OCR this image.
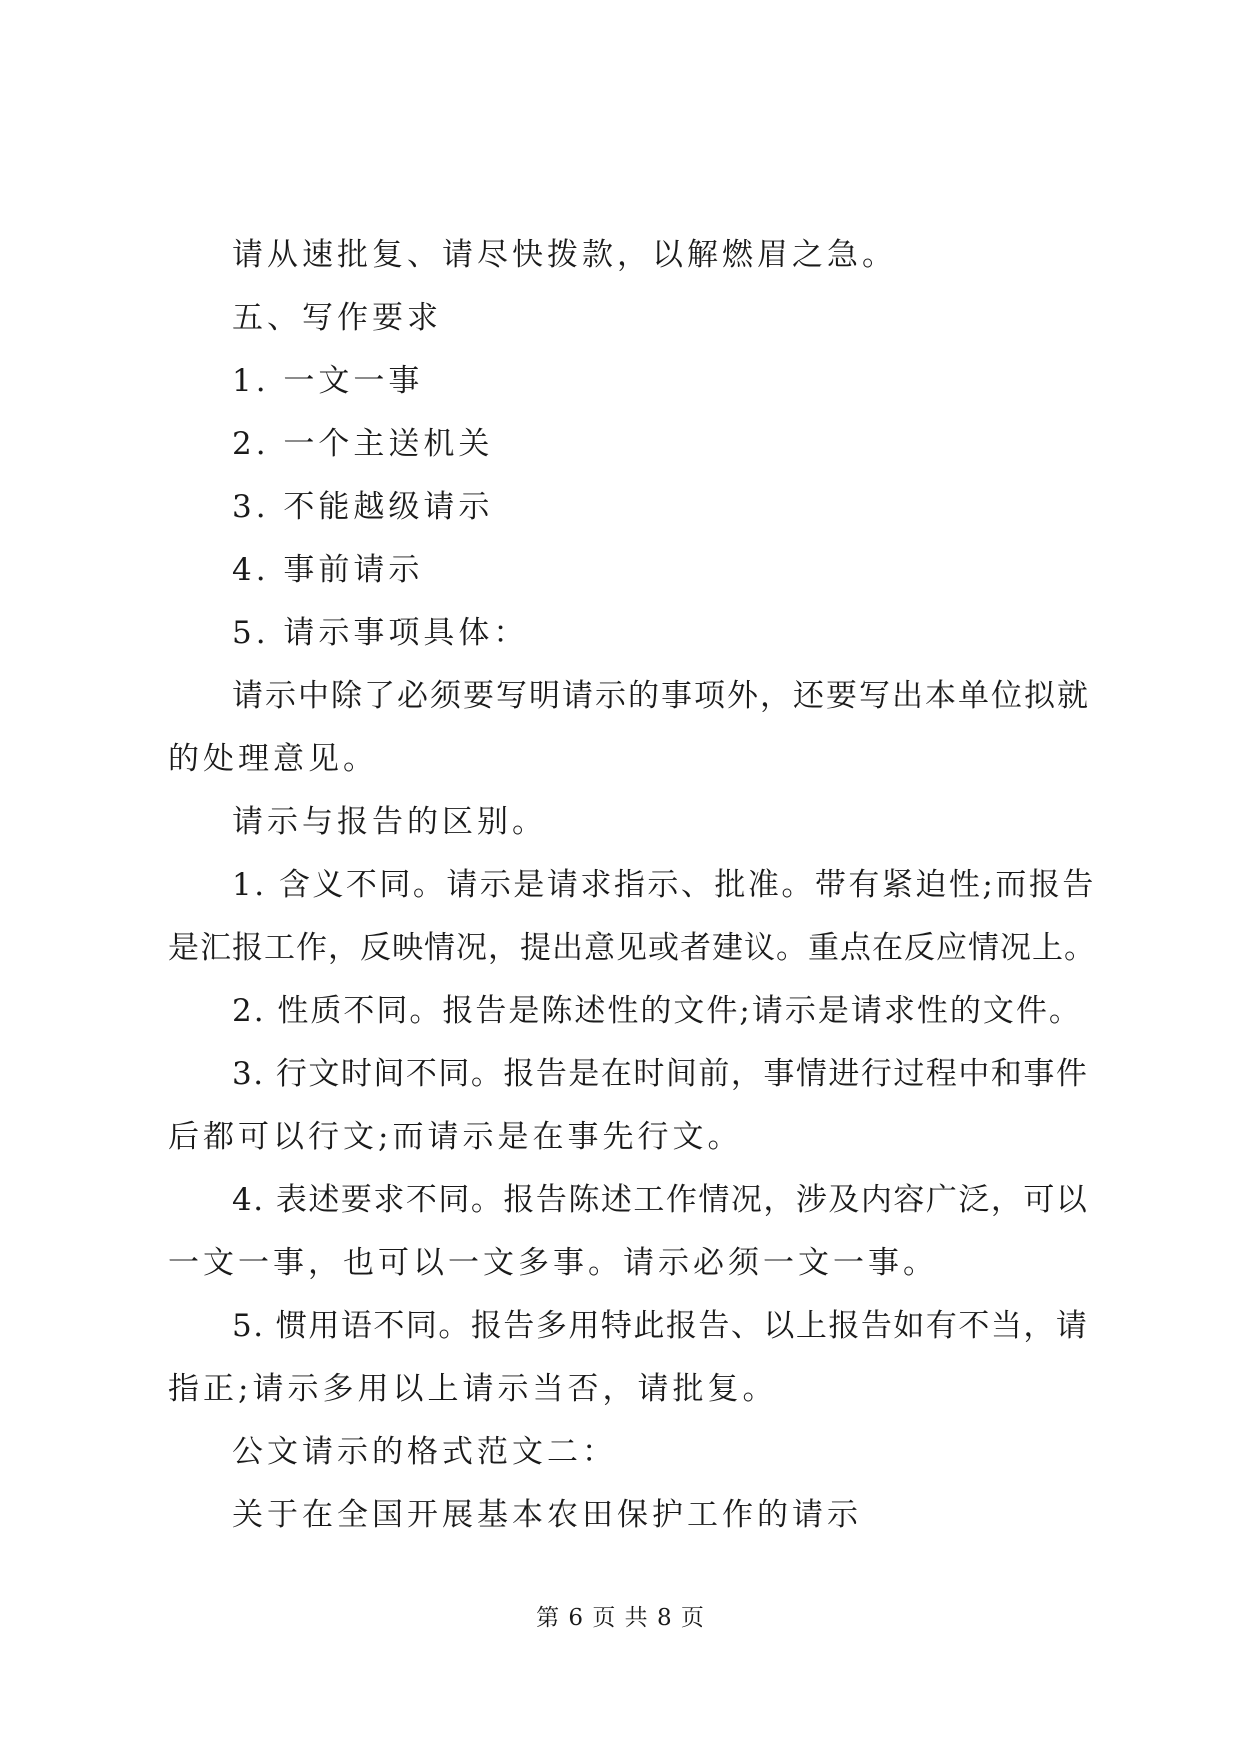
请从速批复、请尽快拨款，以解燃眉之急。
五、写作要求
1. 一文一事
2. 一个主送机关
3. 不能越级请示
4. 事前请示
5. 请示事项具体：
请示中除了必须要写明请示的事项外，还要写出本单位拟就
的处理意见。
请示与报告的区别。
1. 含义不同。请示是请求指示、批准。带有紧迫性;而报告
是汇报工作，反映情况，提出意见或者建议。重点在反应情况上。
2. 性质不同。报告是陈述性的文件;请示是请求性的文件。
3. 行文时间不同。报告是在时间前，事情进行过程中和事件
后都可以行文;而请示是在事先行文。
4. 表述要求不同。报告陈述工作情况，涉及内容广泛，可以
一文一事，也可以一文多事。请示必须一文一事。
5. 惯用语不同。报告多用特此报告、以上报告如有不当，请
指正;请示多用以上请示当否，请批复。
公文请示的格式范文二：
关于在全国开展基本农田保护工作的请示
第 6 页 共 8 页
